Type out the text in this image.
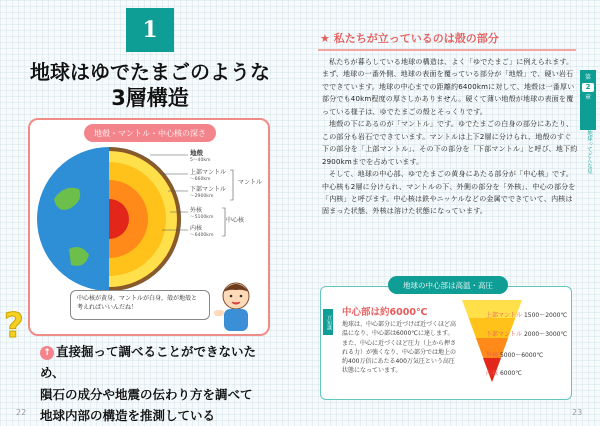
1
地球はゆでたまごのような
3層構造
地殻・マントル・中心核の深さ
地殻
5〜40km
上部マントル
〜660km
下部マントル
〜2900km
マントル
外核
〜5100km
内核
〜6400km
中心核
中心核が黄身，マントルが白身，殻が地殻と
考えればいいんだね！
?
↑ 直接掘って調べることができないため、
隕石の成分や地震の伝わり方を調べて
地球内部の構造を推測している
22
★ 私たちが立っているのは殻の部分

私たちが暮らしている地球の構造は、よく「ゆでたまご」に例えられます。まず、地球の一番外側、地球の表面を覆っている部分が「地殻」で、硬い岩石でできています。地球の中心までの距離約6400kmに対して、地殻は一番厚い部分でも40km程度の厚さしかありません。硬くて薄い地殻が地球の表面を覆っている様子は、ゆでたまごの殻とそっくりです。

地殻の下にあるのが「マントル」です。ゆでたまごの白身の部分にあたり、この部分も岩石でできています。マントルは上下2層に分けられ、地殻のすぐ下の部分を「上部マントル」、その下の部分を「下部マントル」と呼び、地下約2900kmまでを占めています。

そして、地球の中心部、ゆでたまごの黄身にあたる部分が「中心核」です。中心核も2層に分けられ、マントルの下、外側の部分を「外核」、中心の部分を「内核」と呼びます。中心核は鉄やニッケルなどの金属でできていて、内核は固まった状態、外核は溶けた状態になっています。

第
2
章
地球ってどんな星
地球の中心部は高温・高圧
豆知識
中心部は約6000℃
地球は、中心部分に近づけば近づくほど高温になり、中心部は6000℃に達します。また、中心に近づくほど圧力（上から押される力）が強くなり、中心部分では地上の約400万倍にあたる400万気圧という高圧状態になっています。
上部マントル 1500〜2000℃
下部マントル 2000〜3000℃
外核 5000〜6000℃
内核 6000℃
23
